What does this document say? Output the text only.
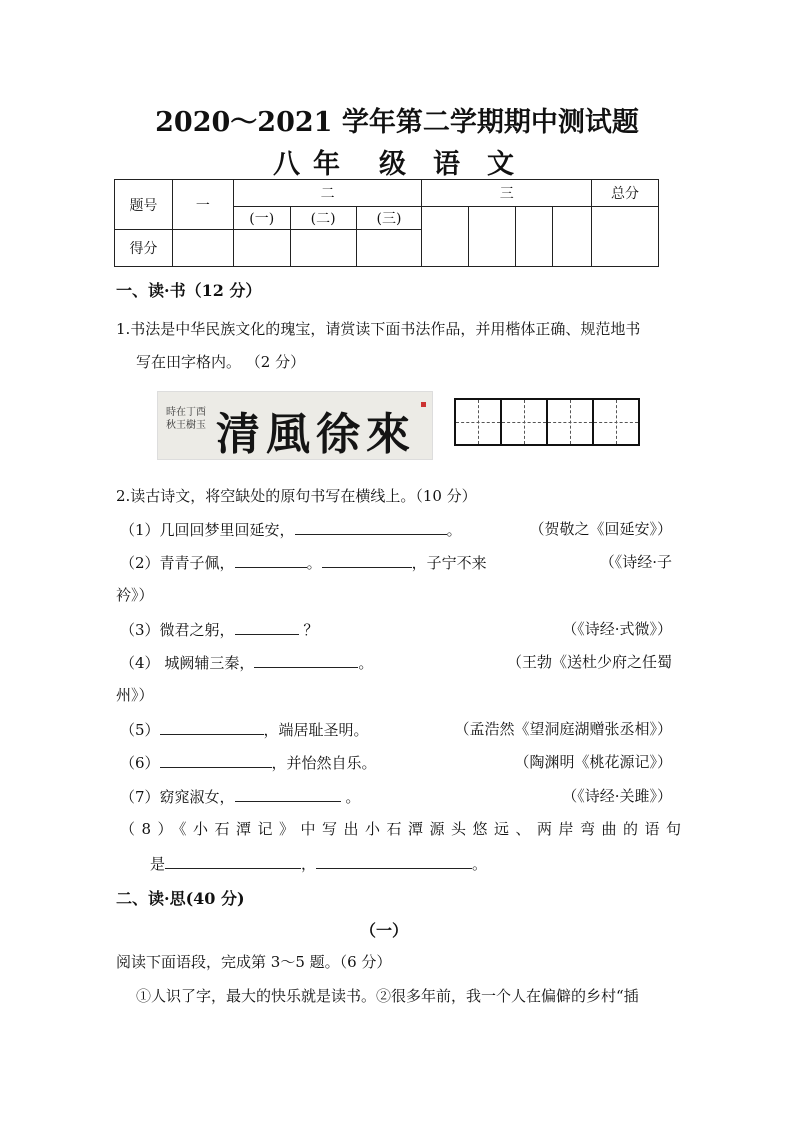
2020～2021 学年第二学期期中测试题
八 年 级 语 文
题号	一	二			三				总分
		(一)	(二)	(三)					
得分									
一、读·书（12 分）
1.书法是中华民族文化的瑰宝，请赏读下面书法作品，并用楷体正确、规范地书
写在田字格内。 （2 分）
時在丁酉秋王樹玉 清風徐來
2.读古诗文，将空缺处的原句书写在横线上。（10 分）
（1）几回回梦里回延安，	。	（贺敬之《回延安》）
（2）青青子佩，	。	，子宁不来	（《诗经·子
衿》）
（3）微君之躬，	？	（《诗经·式微》）
（4） 城阙辅三秦，	。	（王勃《送杜少府之任蜀
州》）
（5）	，端居耻圣明。	（孟浩然《望洞庭湖赠张丞相》）
（6）	，并怡然自乐。	（陶渊明《桃花源记》）
（7）窈窕淑女，	。	（《诗经·关雎》）
（8）《小石潭记》中写出小石潭源头悠远、两岸弯曲的语句
是	，	。
二、读·思(40 分)
（一）
阅读下面语段，完成第 3～5 题。（6 分）
①人识了字，最大的快乐就是读书。②很多年前，我一个人在偏僻的乡村“插
